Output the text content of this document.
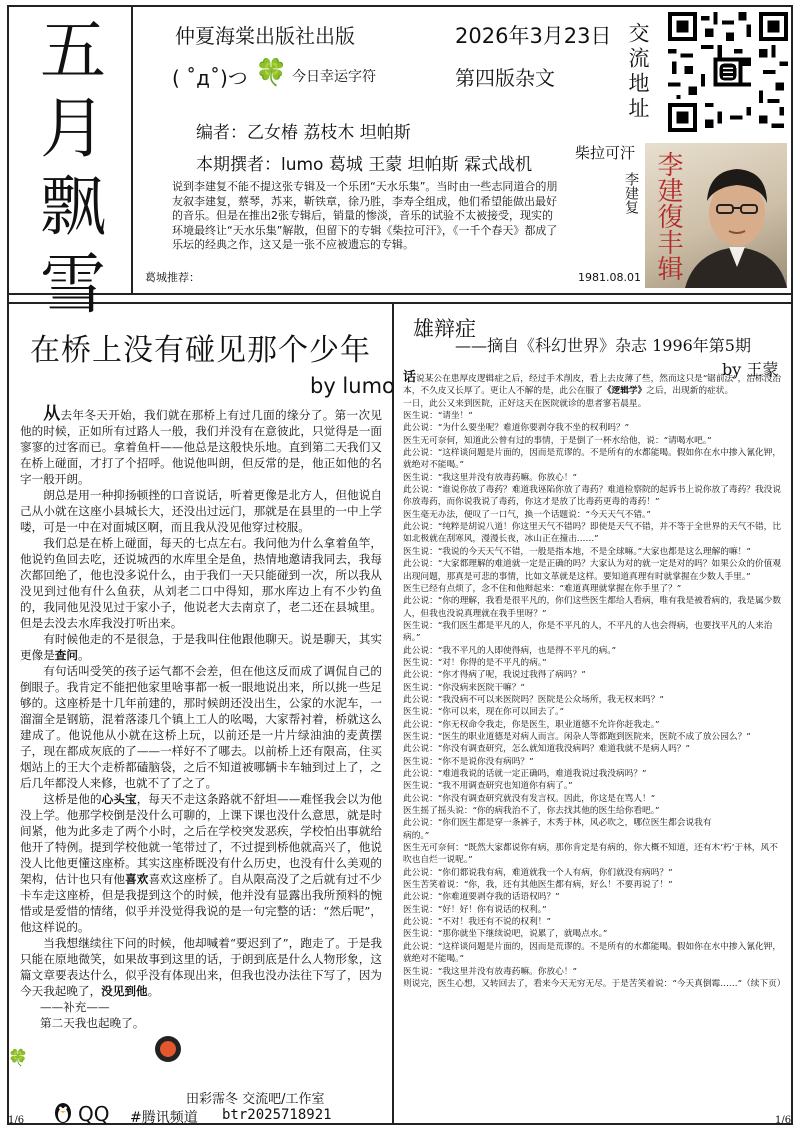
五
月
飘
雪
仲夏海棠出版社出版	2026年3月23日
( ˚д˚)つ 🍀 今日幸运字符	第四版杂文	交流地址
编者：乙女椿 荔枝木 坦帕斯
本期撰者：lumo 葛城 王蒙 坦帕斯 霖式战机
柴拉可汗
李建复
说到李建复不能不提这张专辑及一个乐团“天水乐集”。当时由一些志同道合的朋友叙李建复，蔡琴，苏来，靳铁章，徐乃胜，李寿全组成，他们希望能做出最好的音乐。但是在推出2张专辑后，销量的惨淡，音乐的试验不太被接受，现实的环境最终让“天水乐集”解散，但留下的专辑《柴拉可汗》，《一千个春天》都成了乐坛的经典之作，这又是一张不应被遗忘的专辑。
葛城推荐：	1981.08.01 李建復丰辑
在桥上没有碰见那个少年
by lumo

从去年冬天开始，我们就在那桥上有过几面的缘分了。第一次见他的时候，正如所有过路人一般，我们并没有在意彼此，只觉得是一面寥寥的过客而已。拿着鱼杆——他总是这般快乐地。直到第二天我们又在桥上碰面，才打了个招呼。他说他叫朗，但反常的是，他正如他的名字一般开朗。

朗总是用一种抑扬顿挫的口音说话，听着更像是北方人，但他说自己从小就在这座小县城长大，还没出过远门，那就是在县里的一中上学喽，可是一中在对面城区啊，而且我从没见他穿过校服。

我们总是在桥上碰面，每天的七点左右。我问他为什么拿着鱼竿，他说钓鱼回去吃，还说城西的水库里全是鱼，热情地邀请我同去，我每次都回绝了，他也没多说什么，由于我们一天只能碰到一次，所以我从没见到过他有什么鱼获，从刘老二口中得知，那水库边上有不少钓鱼的，我同他见没见过于家小子，他说老大去南京了，老二还在县城里。但是去没去水库我没打听出来。

有时候他走的不是很急，于是我叫住他跟他聊天。说是聊天，其实更像是查问。

有句话叫受笑的孩子运气都不会差，但在他这反而成了调侃自己的倒眼子。我肯定不能把他家里啥事都一板一眼地说出来，所以挑一些足够的。这座桥是十几年前建的，那时候朗还没出生，公家的水泥车，一溜溜全是钢筋，混着落漆几个镇上工人的吆喝，大家帮衬着，桥就这么建成了。他说他从小就在这桥上玩，以前还是一片片绿油油的麦黄摆子，现在都成灰底的了——一样好不了哪去。以前桥上还有限高，住买烟站上的王大个走桥都磕脑袋，之后不知道被哪辆卡车轴到过上了，之后几年都没人来修，也就不了了之了。

这桥是他的心头宝，每天不走这条路就不舒坦——难怪我会以为他没上学。他那学校倒是没什么可聊的，上课下课也没什么意思，就是时间紧，他为此多走了两个小时，之后在学校突发恶疾，学校怕出事就给他开了特例。提到学校他就一笔带过了，不过提到桥他就高兴了，他说没人比他更懂这座桥。其实这座桥既没有什么历史，也没有什么美观的架构，估计也只有他喜欢喜欢这座桥了。自从限高没了之后就有过不少卡车走这座桥，但是我提到这个的时候，他并没有显露出我所预料的惋惜或是爱惜的情绪，似乎并没觉得我说的是一句完整的话：“然后呢”，他这样说的。

当我想继续往下问的时候，他却喊着“要迟到了”，跑走了。于是我只能在原地微笑，如果故事到这里的话，于朗到底是什么人物形象，这篇文章要表达什么，似乎没有体现出来，但我也没办法往下写了，因为今天我起晚了，没见到他。

——补充——

第二天我也起晚了。

🍀
QQ
田彩霈冬 交流吧/工作室
#腾讯频道 btr2025718921
1/6	1/6
雄辩症
——摘自《科幻世界》杂志 1996年第5期
by 王蒙

话说某公在患厚皮逻辑症之后，经过手术削皮，看上去皮薄了些，然而这只是“锯前法”，治标没治本，不久皮又长厚了。更让人不解的是，此公在服了《逻辑学》之后，出现新的症状。

一日，此公又来到医院，正好这天在医院就诊的患者寥若晨星。

医生说：“请坐！”

此公说：“为什么要坐呢？难道你要剥夺我不坐的权利吗？”

医生无可奈何，知道此公曾有过的事情，于是倒了一杯水给他，说：“请喝水吧。”

此公说：“这样谈问题是片面的，因而是荒谬的。不是所有的水都能喝。假如你在水中掺入氰化钾，就绝对不能喝。”

医生说：“我这里并没有放毒药嘛。你放心！”

此公说：“谁说你放了毒药？难道我诬陷你放了毒药？难道检察院的起诉书上说你放了毒药？我没说你放毒药，而你说我说了毒药，你这才是放了比毒药更毒的毒药！”

医生毫无办法，便叹了一口气，换一个话题说：“今天天气不错。”

此公说：“纯粹是胡说八道！你这里天气不错吗？即使是天气不错，并不等于全世界的天气不错，比如北极就在刮寒风，漫漫长夜，冰山正在撞击……”

医生说：“我说的今天天气不错，一般是指本地，不是全球嘛。”大家也都是这么理解的嘛！”

此公说：“大家都理解的难道就一定是正确的吗？大家认为对的就一定是对的吗？如果公众的价值观出现问题，那真是可悲的事情，比如文革就是这样。要知道真理有时就掌握在少数人手里。”

医生已经有点烦了，念不住和他辩起来：“难道真理就掌握在你手里了？”

此公说：“你的理解，我看是很平凡的，你们这些医生都给人看病，唯有我是被看病的，我是属少数人，但我也没说真理就在我手里呀？”

医生说：“我们医生都是平凡的人，你是不平凡的人，不平凡的人也会得病，也要找平凡的人来治病。”

此公说：“我不平凡的人即使得病，也是得不平凡的病。”

医生说：“对！你得的是不平凡的病。”

此公说：“你才得病了呢，我说过我得了病吗？”

医生说：“你没病来医院干嘛？”

此公说：“我没病不可以来医院吗？医院是公众场所，我无权来吗？”

医生说：“你可以来，现在你可以回去了。”

此公说：“你无权命令我走，你是医生，职业道德不允许你赶我走。”

医生说：“医生的职业道德是对病人而言。闲杂人等都跑到医院来，医院不成了放公园么？”

此公说：“你没有调查研究，怎么就知道我没病吗？难道我就不是病人吗？”

医生说：“你不是说你没有病吗？”

此公说：“难道我说的话就一定正确吗，难道我说过我没病吗？”

医生说：“我不用调查研究也知道你有病了。”

此公说：“你没有调查研究就没有发言权。因此，你这是在骂人！”

医生摇了摇头说：“你的病我治不了，你去找其他的医生给你看吧。”

此公说：“你们医生都是穿一条裤子，木秀于林，风必吹之，哪位医生都会说我有

病的。”

医生无可奈何：“既然大家都说你有病，那你肯定是有病的，你大概不知道，还有木‘朽’于林，风不吹也自烂一说呢。”

此公说：“你们都说我有病，难道就我一个人有病，你们就没有病吗？”

医生苦笑着说：“你，我，还有其他医生都有病，好么！不要再说了！”

此公说：“你难道要剥夺我的话语权吗？”

医生说：“好！好！你有说话的权利。”

此公说：“不对！我还有不说的权利！”

医生说：“那你就坐下继续说吧，说累了，就喝点水。”

此公说：“这样谈问题是片面的，因而是荒谬的。不是所有的水都能喝。假如你在水中掺入氰化钾，就绝对不能喝。”

医生说：“我这里并没有放毒药嘛。你放心！”

则说完，医生心想，又转回去了，看来今天无穷无尽。于是苦笑着说：“今天真倒霉……”（续下页）
